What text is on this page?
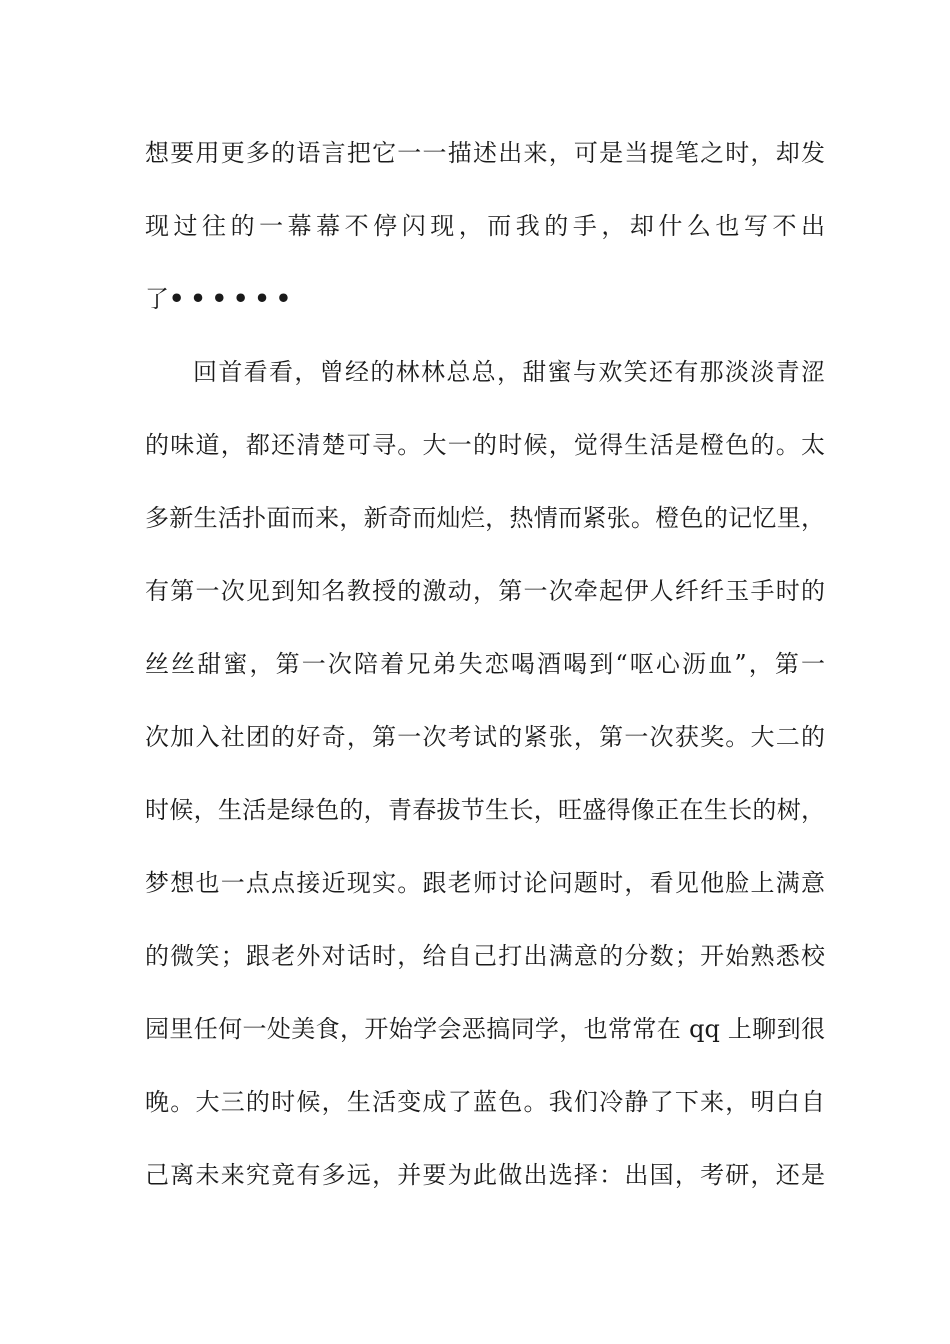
想要用更多的语言把它一一描述出来，可是当提笔之时，却发
现过往的一幕幕不停闪现，而我的手，却什么也写不出
了••••••
回首看看，曾经的林林总总，甜蜜与欢笑还有那淡淡青涩
的味道，都还清楚可寻。大一的时候，觉得生活是橙色的。太
多新生活扑面而来，新奇而灿烂，热情而紧张。橙色的记忆里，
有第一次见到知名教授的激动，第一次牵起伊人纤纤玉手时的
丝丝甜蜜，第一次陪着兄弟失恋喝酒喝到“呕心沥血”，第一
次加入社团的好奇，第一次考试的紧张，第一次获奖。大二的
时候，生活是绿色的，青春拔节生长，旺盛得像正在生长的树，
梦想也一点点接近现实。跟老师讨论问题时，看见他脸上满意
的微笑；跟老外对话时，给自己打出满意的分数；开始熟悉校
园里任何一处美食，开始学会恶搞同学，也常常在 qq 上聊到很
晚。大三的时候，生活变成了蓝色。我们冷静了下来，明白自
己离未来究竟有多远，并要为此做出选择：出国，考研，还是
